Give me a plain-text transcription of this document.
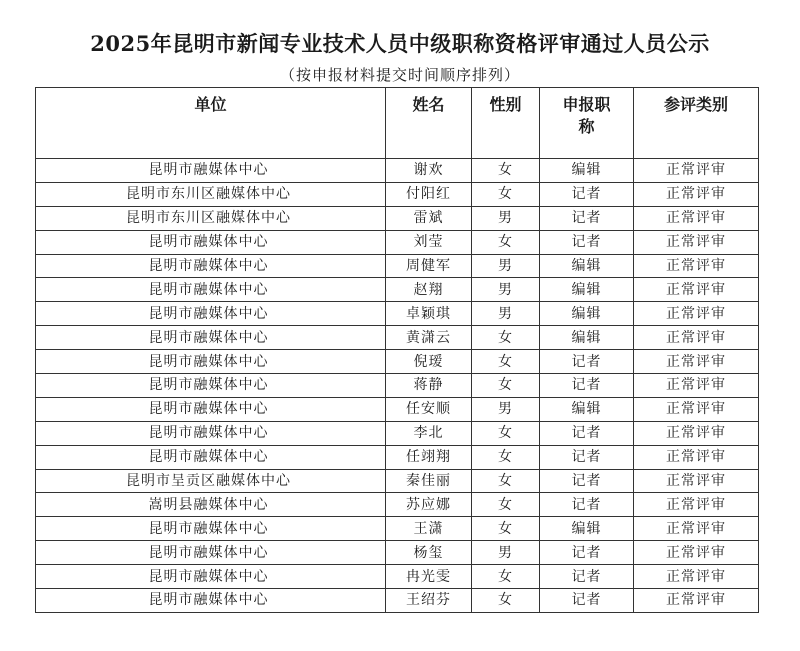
2025年昆明市新闻专业技术人员中级职称资格评审通过人员公示
（按申报材料提交时间顺序排列）
单位	姓名	性别	申报职称	参评类别
昆明市融媒体中心	谢欢	女	编辑	正常评审
昆明市东川区融媒体中心	付阳红	女	记者	正常评审
昆明市东川区融媒体中心	雷斌	男	记者	正常评审
昆明市融媒体中心	刘莹	女	记者	正常评审
昆明市融媒体中心	周健军	男	编辑	正常评审
昆明市融媒体中心	赵翔	男	编辑	正常评审
昆明市融媒体中心	卓颖琪	男	编辑	正常评审
昆明市融媒体中心	黄潇云	女	编辑	正常评审
昆明市融媒体中心	倪瑷	女	记者	正常评审
昆明市融媒体中心	蒋静	女	记者	正常评审
昆明市融媒体中心	任安顺	男	编辑	正常评审
昆明市融媒体中心	李北	女	记者	正常评审
昆明市融媒体中心	任翊翔	女	记者	正常评审
昆明市呈贡区融媒体中心	秦佳丽	女	记者	正常评审
嵩明县融媒体中心	苏应娜	女	记者	正常评审
昆明市融媒体中心	王潇	女	编辑	正常评审
昆明市融媒体中心	杨玺	男	记者	正常评审
昆明市融媒体中心	冉光雯	女	记者	正常评审
昆明市融媒体中心	王绍芬	女	记者	正常评审
